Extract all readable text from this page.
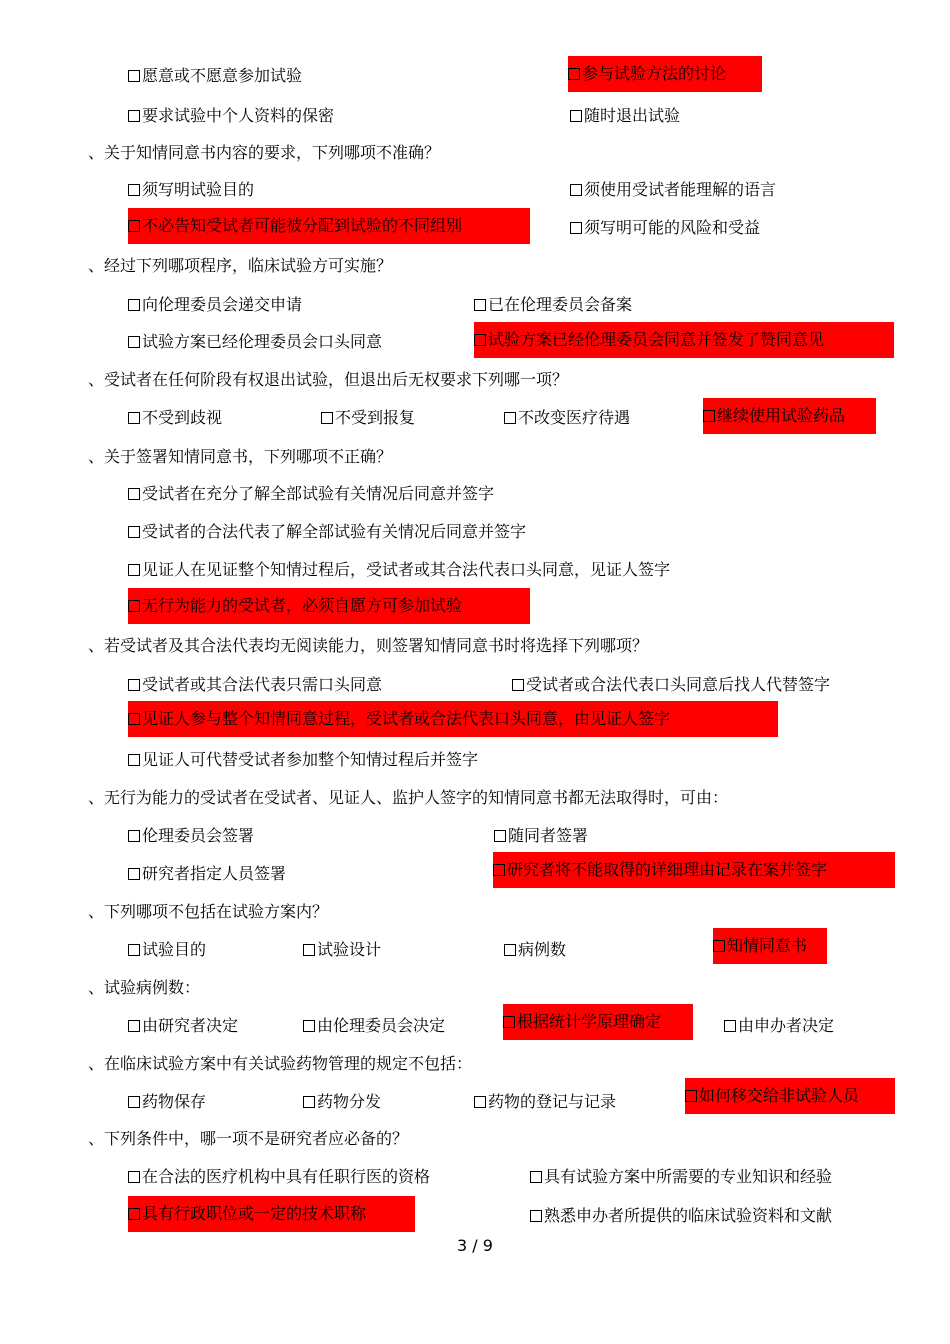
愿意或不愿意参加试验	参与试验方法的讨论
要求试验中个人资料的保密	随时退出试验
、关于知情同意书内容的要求，下列哪项不准确？
须写明试验目的	须使用受试者能理解的语言
不必告知受试者可能被分配到试验的不同组别	须写明可能的风险和受益
、经过下列哪项程序，临床试验方可实施？
向伦理委员会递交申请	已在伦理委员会备案
试验方案已经伦理委员会口头同意	试验方案已经伦理委员会同意并签发了赞同意见
、受试者在任何阶段有权退出试验，但退出后无权要求下列哪一项？
不受到歧视	不受到报复	不改变医疗待遇	继续使用试验药品
、关于签署知情同意书，下列哪项不正确？
受试者在充分了解全部试验有关情况后同意并签字
受试者的合法代表了解全部试验有关情况后同意并签字
见证人在见证整个知情过程后，受试者或其合法代表口头同意，见证人签字
无行为能力的受试者，必须自愿方可参加试验
、若受试者及其合法代表均无阅读能力，则签署知情同意书时将选择下列哪项？
受试者或其合法代表只需口头同意	受试者或合法代表口头同意后找人代替签字
见证人参与整个知情同意过程，受试者或合法代表口头同意，由见证人签字
见证人可代替受试者参加整个知情过程后并签字
、无行为能力的受试者在受试者、见证人、监护人签字的知情同意书都无法取得时，可由：
伦理委员会签署	随同者签署
研究者指定人员签署	研究者将不能取得的详细理由记录在案并签字
、下列哪项不包括在试验方案内？
试验目的	试验设计	病例数	知情同意书
、试验病例数：
由研究者决定	由伦理委员会决定	根据统计学原理确定	由申办者决定
、在临床试验方案中有关试验药物管理的规定不包括：
药物保存	药物分发	药物的登记与记录	如何移交给非试验人员
、下列条件中，哪一项不是研究者应必备的？
在合法的医疗机构中具有任职行医的资格	具有试验方案中所需要的专业知识和经验
具有行政职位或一定的技术职称	熟悉申办者所提供的临床试验资料和文献
3 / 9
